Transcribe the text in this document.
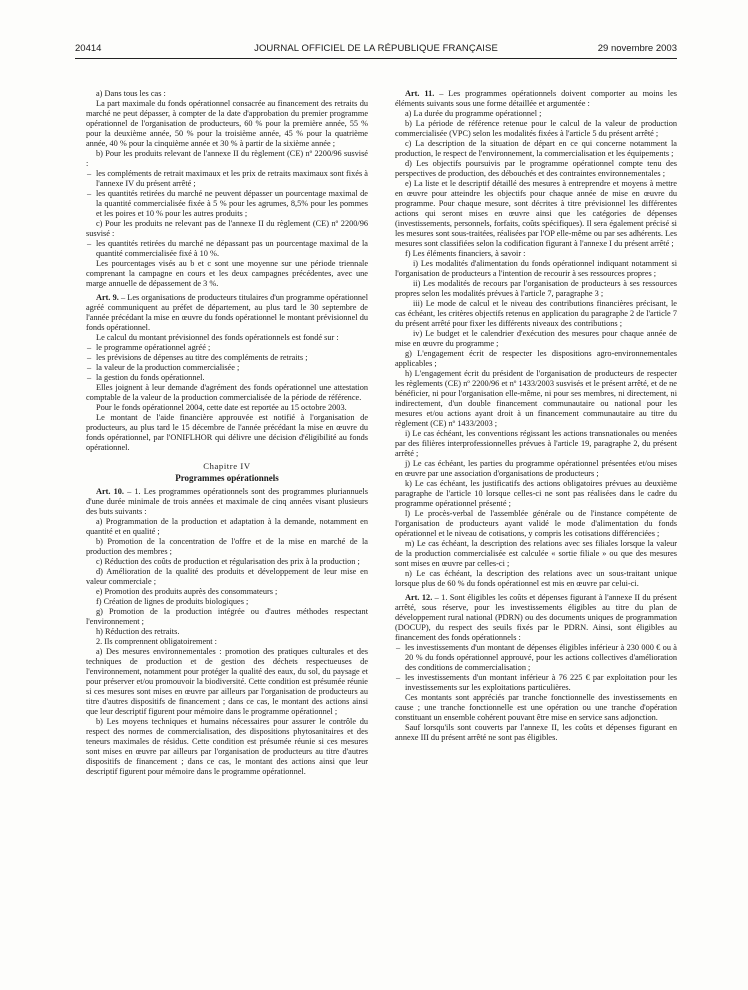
20414	JOURNAL OFFICIEL DE LA RÉPUBLIQUE FRANÇAISE	29 novembre 2003

a) Dans tous les cas :

La part maximale du fonds opérationnel consacrée au financement des retraits du marché ne peut dépasser, à compter de la date d'approbation du premier programme opérationnel de l'organisation de producteurs, 60 % pour la première année, 55 % pour la deuxième année, 50 % pour la troisième année, 45 % pour la quatrième année, 40 % pour la cinquième année et 30 % à partir de la sixième année ;

b) Pour les produits relevant de l'annexe II du règlement (CE) nº 2200/96 susvisé :

– les compléments de retrait maximaux et les prix de retraits maximaux sont fixés à l'annexe IV du présent arrêté ;

– les quantités retirées du marché ne peuvent dépasser un pourcentage maximal de la quantité commercialisée fixée à 5 % pour les agrumes, 8,5% pour les pommes et les poires et 10 % pour les autres produits ;

c) Pour les produits ne relevant pas de l'annexe II du règlement (CE) nº 2200/96 susvisé :

– les quantités retirées du marché ne dépassant pas un pourcentage maximal de la quantité commercialisée fixé à 10 %.

Les pourcentages visés au b et c sont une moyenne sur une période triennale comprenant la campagne en cours et les deux campagnes précédentes, avec une marge annuelle de dépassement de 3 %.

Art. 9. – Les organisations de producteurs titulaires d'un programme opérationnel agréé communiquent au préfet de département, au plus tard le 30 septembre de l'année précédant la mise en œuvre du fonds opérationnel le montant prévisionnel du fonds opérationnel.

Le calcul du montant prévisionnel des fonds opérationnels est fondé sur :

– le programme opérationnel agréé ;

– les prévisions de dépenses au titre des compléments de retraits ;

– la valeur de la production commercialisée ;

– la gestion du fonds opérationnel.

Elles joignent à leur demande d'agrément des fonds opérationnel une attestation comptable de la valeur de la production commercialisée de la période de référence.

Pour le fonds opérationnel 2004, cette date est reportée au 15 octobre 2003.

Le montant de l'aide financière approuvée est notifié à l'organisation de producteurs, au plus tard le 15 décembre de l'année précédant la mise en œuvre du fonds opérationnel, par l'ONIFLHOR qui délivre une décision d'éligibilité au fonds opérationnel.

Chapitre IV
Programmes opérationnels

Art. 10. – 1. Les programmes opérationnels sont des programmes pluriannuels d'une durée minimale de trois années et maximale de cinq années visant plusieurs des buts suivants :

a) Programmation de la production et adaptation à la demande, notamment en quantité et en qualité ;

b) Promotion de la concentration de l'offre et de la mise en marché de la production des membres ;

c) Réduction des coûts de production et régularisation des prix à la production ;

d) Amélioration de la qualité des produits et développement de leur mise en valeur commerciale ;

e) Promotion des produits auprès des consommateurs ;

f) Création de lignes de produits biologiques ;

g) Promotion de la production intégrée ou d'autres méthodes respectant l'environnement ;

h) Réduction des retraits.

2. Ils comprennent obligatoirement :

a) Des mesures environnementales : promotion des pratiques culturales et des techniques de production et de gestion des déchets respectueuses de l'environnement, notamment pour protéger la qualité des eaux, du sol, du paysage et pour préserver et/ou promouvoir la biodiversité. Cette condition est présumée réunie si ces mesures sont mises en œuvre par ailleurs par l'organisation de producteurs au titre d'autres dispositifs de financement ; dans ce cas, le montant des actions ainsi que leur descriptif figurent pour mémoire dans le programme opérationnel ;

b) Les moyens techniques et humains nécessaires pour assurer le contrôle du respect des normes de commercialisation, des dispositions phytosanitaires et des teneurs maximales de résidus. Cette condition est présumée réunie si ces mesures sont mises en œuvre par ailleurs par l'organisation de producteurs au titre d'autres dispositifs de financement ; dans ce cas, le montant des actions ainsi que leur descriptif figurent pour mémoire dans le programme opérationnel.

Art. 11. – Les programmes opérationnels doivent comporter au moins les éléments suivants sous une forme détaillée et argumentée :

a) La durée du programme opérationnel ;

b) La période de référence retenue pour le calcul de la valeur de production commercialisée (VPC) selon les modalités fixées à l'article 5 du présent arrêté ;

c) La description de la situation de départ en ce qui concerne notamment la production, le respect de l'environnement, la commercialisation et les équipements ;

d) Les objectifs poursuivis par le programme opérationnel compte tenu des perspectives de production, des débouchés et des contraintes environnementales ;

e) La liste et le descriptif détaillé des mesures à entreprendre et moyens à mettre en œuvre pour atteindre les objectifs pour chaque année de mise en œuvre du programme. Pour chaque mesure, sont décrites à titre prévisionnel les différentes actions qui seront mises en œuvre ainsi que les catégories de dépenses (investissements, personnels, forfaits, coûts spécifiques). Il sera également précisé si les mesures sont sous-traitées, réalisées par l'OP elle-même ou par ses adhérents. Les mesures sont classifiées selon la codification figurant à l'annexe I du présent arrêté ;

f) Les éléments financiers, à savoir :

i) Les modalités d'alimentation du fonds opérationnel indiquant notamment si l'organisation de producteurs a l'intention de recourir à ses ressources propres ;

ii) Les modalités de recours par l'organisation de producteurs à ses ressources propres selon les modalités prévues à l'article 7, paragraphe 3 ;

iii) Le mode de calcul et le niveau des contributions financières précisant, le cas échéant, les critères objectifs retenus en application du paragraphe 2 de l'article 7 du présent arrêté pour fixer les différents niveaux des contributions ;

iv) Le budget et le calendrier d'exécution des mesures pour chaque année de mise en œuvre du programme ;

g) L'engagement écrit de respecter les dispositions agro-environnementales applicables ;

h) L'engagement écrit du président de l'organisation de producteurs de respecter les règlements (CE) nº 2200/96 et nº 1433/2003 susvisés et le présent arrêté, et de ne bénéficier, ni pour l'organisation elle-même, ni pour ses membres, ni directement, ni indirectement, d'un double financement communautaire ou national pour les mesures et/ou actions ayant droit à un financement communautaire au titre du règlement (CE) nº 1433/2003 ;

i) Le cas échéant, les conventions régissant les actions transnationales ou menées par des filières interprofessionnelles prévues à l'article 19, paragraphe 2, du présent arrêté ;

j) Le cas échéant, les parties du programme opérationnel présentées et/ou mises en œuvre par une association d'organisations de producteurs ;

k) Le cas échéant, les justificatifs des actions obligatoires prévues au deuxième paragraphe de l'article 10 lorsque celles-ci ne sont pas réalisées dans le cadre du programme opérationnel présenté ;

l) Le procès-verbal de l'assemblée générale ou de l'instance compétente de l'organisation de producteurs ayant validé le mode d'alimentation du fonds opérationnel et le niveau de cotisations, y compris les cotisations différenciées ;

m) Le cas échéant, la description des relations avec ses filiales lorsque la valeur de la production commercialisée est calculée « sortie filiale » ou que des mesures sont mises en œuvre par celles-ci ;

n) Le cas échéant, la description des relations avec un sous-traitant unique lorsque plus de 60 % du fonds opérationnel est mis en œuvre par celui-ci.

Art. 12. – 1. Sont éligibles les coûts et dépenses figurant à l'annexe II du présent arrêté, sous réserve, pour les investissements éligibles au titre du plan de développement rural national (PDRN) ou des documents uniques de programmation (DOCUP), du respect des seuils fixés par le PDRN. Ainsi, sont éligibles au financement des fonds opérationnels :

– les investissements d'un montant de dépenses éligibles inférieur à 230 000 € ou à 20 % du fonds opérationnel approuvé, pour les actions collectives d'amélioration des conditions de commercialisation ;

– les investissements d'un montant inférieur à 76 225 € par exploitation pour les investissements sur les exploitations particulières.

Ces montants sont appréciés par tranche fonctionnelle des investissements en cause ; une tranche fonctionnelle est une opération ou une tranche d'opération constituant un ensemble cohérent pouvant être mise en service sans adjonction.

Sauf lorsqu'ils sont couverts par l'annexe II, les coûts et dépenses figurant en annexe III du présent arrêté ne sont pas éligibles.
